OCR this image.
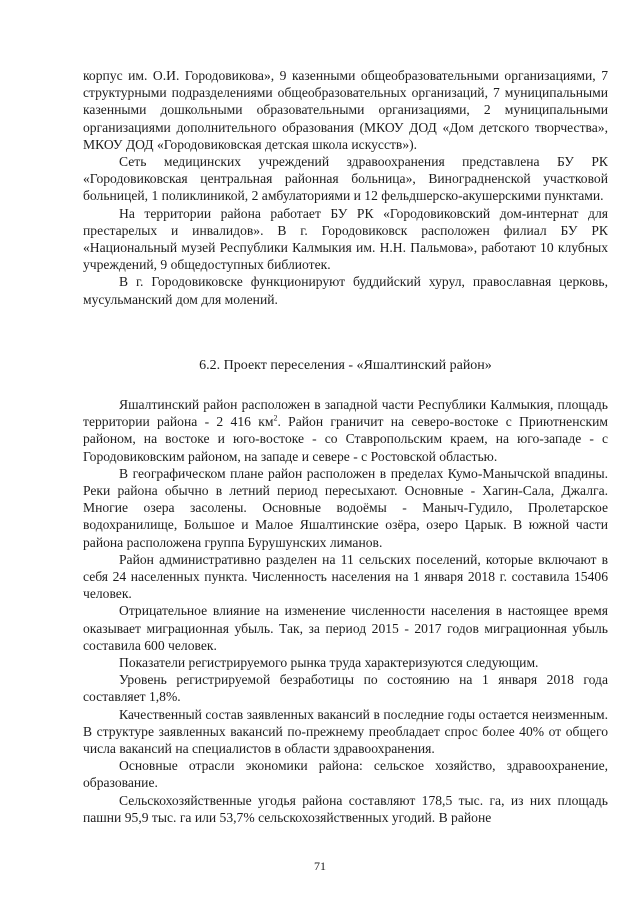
корпус им. О.И. Городовикова», 9 казенными общеобразовательными организациями, 7 структурными подразделениями общеобразовательных организаций, 7 муниципальными казенными дошкольными образовательными организациями, 2 муниципальными организациями дополнительного образования (МКОУ ДОД «Дом детского творчества», МКОУ ДОД «Городовиковская детская школа искусств»).

Сеть медицинских учреждений здравоохранения представлена БУ РК «Городовиковская центральная районная больница», Виноградненской участковой больницей, 1 поликлиникой, 2 амбулаториями и 12 фельдшерско-акушерскими пунктами.

На территории района работает БУ РК «Городовиковский дом-интернат для престарелых и инвалидов». В г. Городовиковск расположен филиал БУ РК «Национальный музей Республики Калмыкия им. Н.Н. Пальмова», работают 10 клубных учреждений, 9 общедоступных библиотек.

В г. Городовиковске функционируют буддийский хурул, православная церковь, мусульманский дом для молений.

6.2. Проект переселения - «Яшалтинский район»

Яшалтинский район расположен в западной части Республики Калмыкия, площадь территории района - 2 416 $км^2$. Район граничит на северо-востоке с Приютненским районом, на востоке и юго-востоке - со Ставропольским краем, на юго-западе - с Городовиковским районом, на западе и севере - с Ростовской областью.

В географическом плане район расположен в пределах Кумо-Манычской впадины. Реки района обычно в летний период пересыхают. Основные - Хагин-Сала, Джалга. Многие озера засолены. Основные водоёмы - Маныч-Гудило, Пролетарское водохранилище, Большое и Малое Яшалтинские озёра, озеро Царык. В южной части района расположена группа Бурушунских лиманов.

Район административно разделен на 11 сельских поселений, которые включают в себя 24 населенных пункта. Численность населения на 1 января 2018 г. составила 15406 человек.

Отрицательное влияние на изменение численности населения в настоящее время оказывает миграционная убыль. Так, за период 2015 - 2017 годов миграционная убыль составила 600 человек.

Показатели регистрируемого рынка труда характеризуются следующим.

Уровень регистрируемой безработицы по состоянию на 1 января 2018 года составляет 1,8%.

Качественный состав заявленных вакансий в последние годы остается неизменным. В структуре заявленных вакансий по-прежнему преобладает спрос более 40% от общего числа вакансий на специалистов в области здравоохранения.

Основные отрасли экономики района: сельское хозяйство, здравоохранение, образование.

Сельскохозяйственные угодья района составляют 178,5 тыс. га, из них площадь пашни 95,9 тыс. га или 53,7% сельскохозяйственных угодий. В районе

71
